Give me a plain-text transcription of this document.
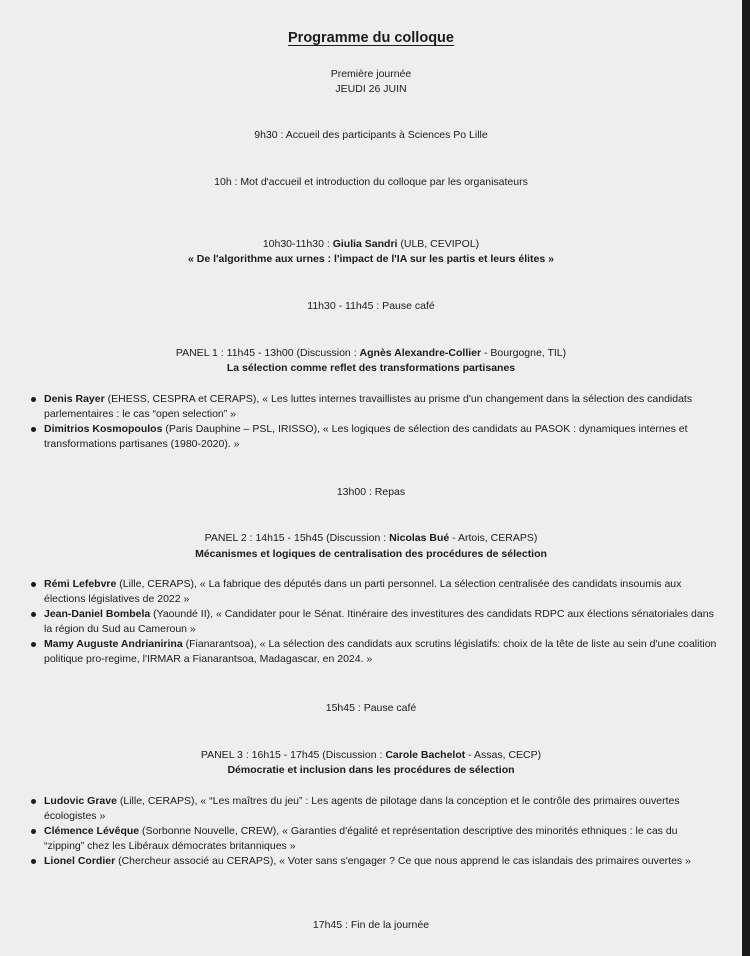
Programme du colloque
Première journée
JEUDI 26 JUIN
9h30 : Accueil des participants à Sciences Po Lille
10h : Mot d'accueil et introduction du colloque par les organisateurs
10h30-11h30 : Giulia Sandri (ULB, CEVIPOL)
« De l'algorithme aux urnes : l'impact de l'IA sur les partis et leurs élites »
11h30 - 11h45 : Pause café
PANEL 1 : 11h45 - 13h00 (Discussion : Agnès Alexandre-Collier - Bourgogne, TIL)
La sélection comme reflet des transformations partisanes
Denis Rayer (EHESS, CESPRA et CERAPS), « Les luttes internes travaillistes au prisme d'un changement dans la sélection des candidats parlementaires : le cas “open selection” »
Dimitrios Kosmopoulos (Paris Dauphine – PSL, IRISSO), « Les logiques de sélection des candidats au PASOK : dynamiques internes et transformations partisanes (1980-2020). »
13h00 : Repas
PANEL 2 : 14h15 - 15h45 (Discussion : Nicolas Bué - Artois, CERAPS)
Mécanismes et logiques de centralisation des procédures de sélection
Rémi Lefebvre (Lille, CERAPS), « La fabrique des députés dans un parti personnel. La sélection centralisée des candidats insoumis aux élections législatives de 2022 »
Jean-Daniel Bombela (Yaoundé II), « Candidater pour le Sénat. Itinéraire des investitures des candidats RDPC aux élections sénatoriales dans la région du Sud au Cameroun »
Mamy Auguste Andrianirina (Fianarantsoa), « La sélection des candidats aux scrutins législatifs: choix de la tête de liste au sein d'une coalition politique pro-regime, l'IRMAR a Fianarantsoa, Madagascar, en 2024. »
15h45 : Pause café
PANEL 3 : 16h15 - 17h45 (Discussion : Carole Bachelot - Assas, CECP)
Démocratie et inclusion dans les procédures de sélection
Ludovic Grave (Lille, CERAPS), « “Les maîtres du jeu” : Les agents de pilotage dans la conception et le contrôle des primaires ouvertes écologistes »
Clémence Lévêque (Sorbonne Nouvelle, CREW), « Garanties d'égalité et représentation descriptive des minorités ethniques : le cas du “zipping” chez les Libéraux démocrates britanniques »
Lionel Cordier (Chercheur associé au CERAPS), « Voter sans s'engager ? Ce que nous apprend le cas islandais des primaires ouvertes »
17h45 : Fin de la journée
